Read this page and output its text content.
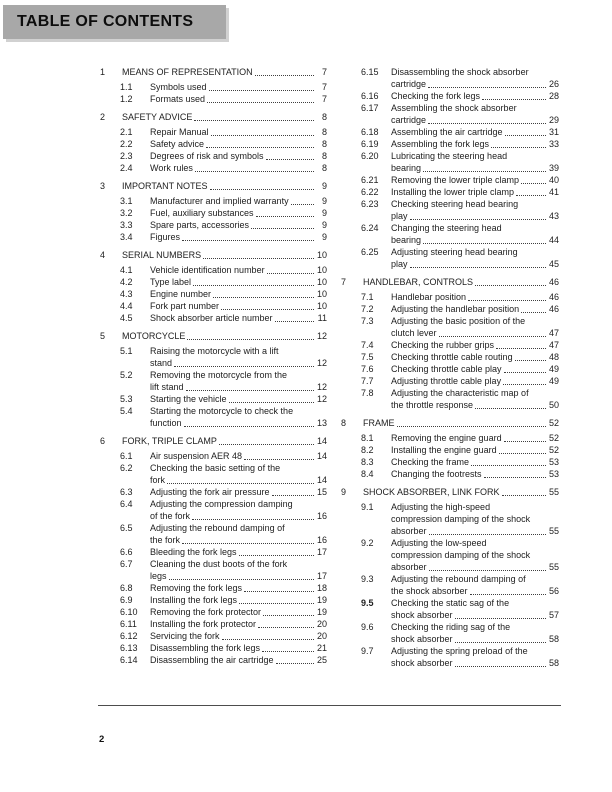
TABLE OF CONTENTS
1	MEANS OF REPRESENTATION	7
1.1	Symbols used	7
1.2	Formats used	7
2	SAFETY ADVICE	8
2.1	Repair Manual	8
2.2	Safety advice	8
2.3	Degrees of risk and symbols	8
2.4	Work rules	8
3	IMPORTANT NOTES	9
3.1	Manufacturer and implied warranty	9
3.2	Fuel, auxiliary substances	9
3.3	Spare parts, accessories	9
3.4	Figures	9
4	SERIAL NUMBERS	10
4.1	Vehicle identification number	10
4.2	Type label	10
4.3	Engine number	10
4.4	Fork part number	10
4.5	Shock absorber article number	11
5	MOTORCYCLE	12
5.1	Raising the motorcycle with a lift
stand	12
5.2	Removing the motorcycle from the
lift stand	12
5.3	Starting the vehicle	12
5.4	Starting the motorcycle to check the
function	13
6	FORK, TRIPLE CLAMP	14
6.1	Air suspension AER 48	14
6.2	Checking the basic setting of the
fork	14
6.3	Adjusting the fork air pressure	15
6.4	Adjusting the compression damping
of the fork	16
6.5	Adjusting the rebound damping of
the fork	16
6.6	Bleeding the fork legs	17
6.7	Cleaning the dust boots of the fork
legs	17
6.8	Removing the fork legs	18
6.9	Installing the fork legs	19
6.10	Removing the fork protector	19
6.11	Installing the fork protector	20
6.12	Servicing the fork	20
6.13	Disassembling the fork legs	21
6.14	Disassembling the air cartridge	25
6.15	Disassembling the shock absorber
cartridge	26
6.16	Checking the fork legs	28
6.17	Assembling the shock absorber
cartridge	29
6.18	Assembling the air cartridge	31
6.19	Assembling the fork legs	33
6.20	Lubricating the steering head
bearing	39
6.21	Removing the lower triple clamp	40
6.22	Installing the lower triple clamp	41
6.23	Checking steering head bearing
play	43
6.24	Changing the steering head
bearing	44
6.25	Adjusting steering head bearing
play	45
7	HANDLEBAR, CONTROLS	46
7.1	Handlebar position	46
7.2	Adjusting the handlebar position	46
7.3	Adjusting the basic position of the
clutch lever	47
7.4	Checking the rubber grips	47
7.5	Checking throttle cable routing	48
7.6	Checking throttle cable play	49
7.7	Adjusting throttle cable play	49
7.8	Adjusting the characteristic map of
the throttle response	50
8	FRAME	52
8.1	Removing the engine guard	52
8.2	Installing the engine guard	52
8.3	Checking the frame	53
8.4	Changing the footrests	53
9	SHOCK ABSORBER, LINK FORK	55
9.1	Adjusting the high-speed
compression damping of the shock
absorber	55
9.2	Adjusting the low-speed
compression damping of the shock
absorber	55
9.3	Adjusting the rebound damping of
the shock absorber	56
9.5	Checking the static sag of the
shock absorber	57
9.6	Checking the riding sag of the
shock absorber	58
9.7	Adjusting the spring preload of the
shock absorber	58
2
